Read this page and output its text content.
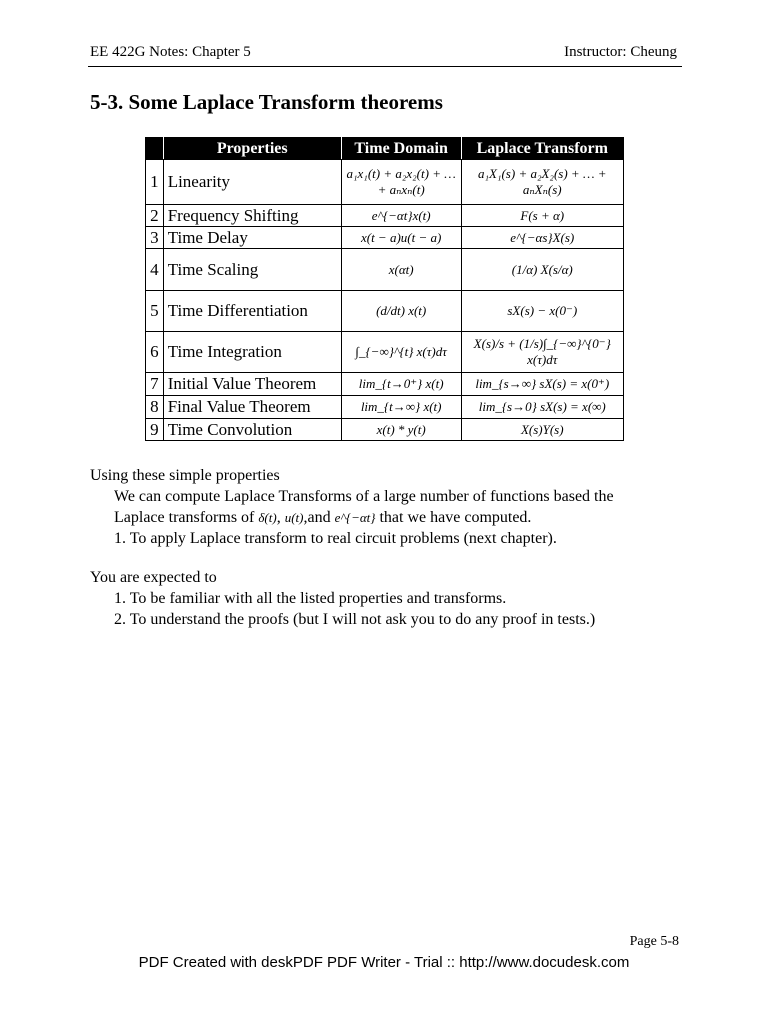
EE 422G Notes: Chapter 5	Instructor: Cheung
5-3. Some Laplace Transform theorems
	Properties	Time Domain	Laplace Transform
1	Linearity	a₁x₁(t) + a₂x₂(t) + … + aₙxₙ(t)	a₁X₁(s) + a₂X₂(s) + … + aₙXₙ(s)
2	Frequency Shifting	e^{−αt}x(t)	F(s + α)
3	Time Delay	x(t − a)u(t − a)	e^{−αs}X(s)
4	Time Scaling	x(αt)	(1/α) X(s/α)
5	Time Differentiation	(d/dt) x(t)	sX(s) − x(0⁻)
6	Time Integration	∫_{−∞}^{t} x(τ)dτ	X(s)/s + (1/s)∫_{−∞}^{0⁻} x(τ)dτ
7	Initial Value Theorem	lim_{t→0⁺} x(t)	lim_{s→∞} sX(s) = x(0⁺)
8	Final Value Theorem	lim_{t→∞} x(t)	lim_{s→0} sX(s) = x(∞)
9	Time Convolution	x(t) * y(t)	X(s)Y(s)

Using these simple properties

We can compute Laplace Transforms of a large number of functions based the

Laplace transforms of δ(t), u(t),and e^{−αt} that we have computed.

1. To apply Laplace transform to real circuit problems (next chapter).

You are expected to

1. To be familiar with all the listed properties and transforms.

2. To understand the proofs (but I will not ask you to do any proof in tests.)

Page 5-8
PDF Created with deskPDF PDF Writer - Trial :: http://www.docudesk.com
